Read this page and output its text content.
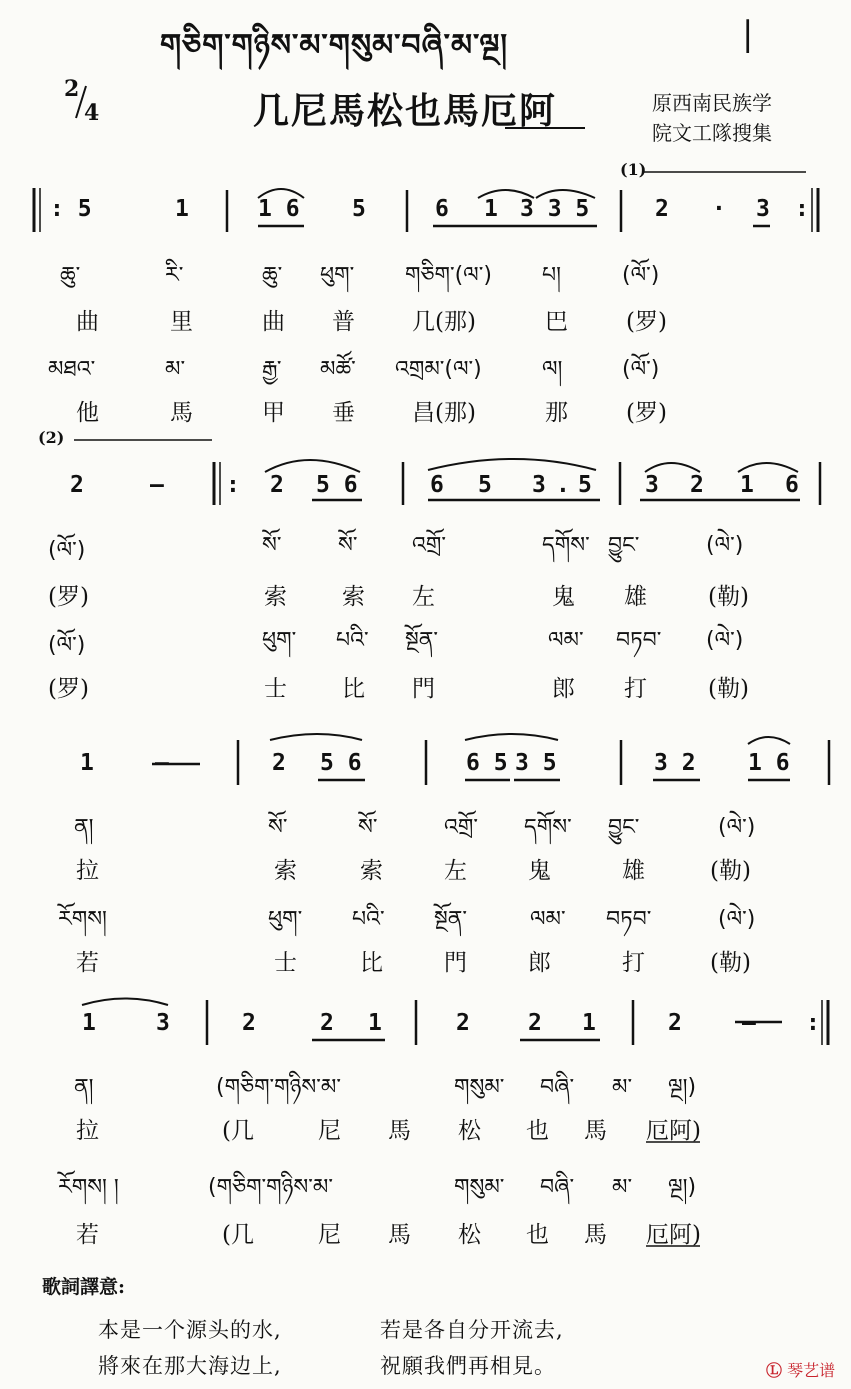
གཅིག་གཉིས་མ་གསུམ་བཞི་མ་ལྔ།	|
2
4	几尼馬松也馬厄阿	原西南民族学
院文工隊搜集
(1)
(2)
: 5	1	1 6 5	6 1 3 3 5	2 · 3 :
ཆུ་	རི་	ཆུ་ ཕུག་ གཅིག་(ལ་) པ།	(ལོ་)
曲	里	曲 普 几(那)	巴	(罗)
མཐའ་	མ་	རྒྱ་ མཚོ་ འགྲམ་(ལ་)	ལ།	(ལོ་)
他	馬	甲 垂 昌(那)	那	(罗)
2	—	: 2 5 6	6 5 3 . 5 3 2 1 6
(ལོ་)	སོ་	སོ་ འགྲོ་	དགོས་ བྱུང་	(ལེ་)
(罗)	索 索 左	鬼 雄	(勒)
(ལོ་)	ཕུག་ པའི་ སྔོན་	ལམ་ བཏབ་ (ལེ་)
(罗)	士 比 門	郎 打	(勒)
1	—	2 5 6	6 5 3 5	3 2 1 6
ན།	སོ་	སོ་	འགྲོ་ དགོས་ བྱུང་	(ལེ་)
拉	索	索	左	鬼	雄	(勒)
རོགས།	ཕུག་ པའི་ སྔོན་	ལམ་ བཏབ་	(ལེ་)
若	士	比	門	郎	打	(勒)
1	3	2	2 1	2	2 1	2	— :
ན།	(གཅིག་གཉིས་མ་	གསུམ་ བཞི་ མ་ ལྔ།)
拉	(几	尼 馬 松 也 馬 厄阿)
རོགས། །	(གཅིག་གཉིས་མ་	གསུམ་ བཞི་ མ་ ལྔ།)
若	(几	尼 馬 松 也 馬 厄阿)
歌詞譯意:
本是一个源头的水,	若是各自分开流去,
將來在那大海边上,	祝願我們再相見。	Ⓛ 琴艺谱
